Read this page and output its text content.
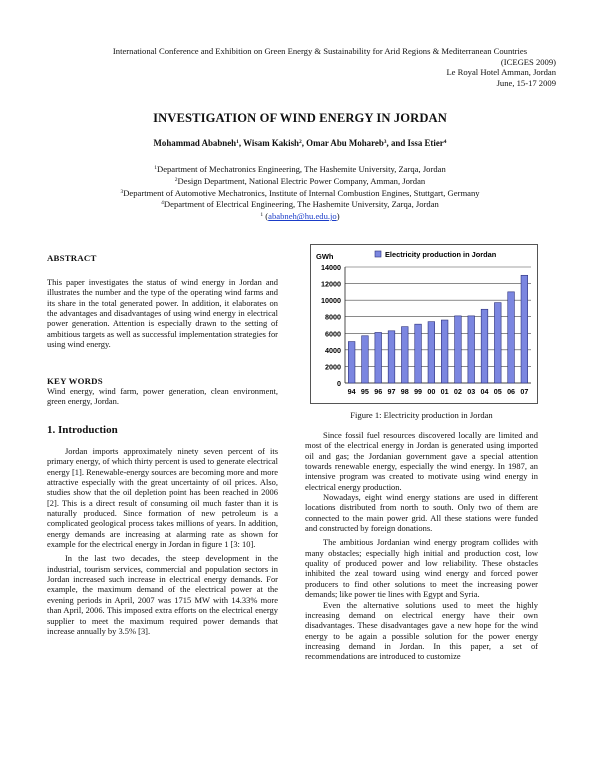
International Conference and Exhibition on Green Energy & Sustainability for Arid Regions & Mediterranean Countries
(ICEGES 2009)
Le Royal Hotel Amman, Jordan
June, 15-17 2009
INVESTIGATION OF WIND ENERGY IN JORDAN
Mohammad Ababneh$^1$, Wisam Kakish$^2$, Omar Abu Mohareb$^3$, and Issa Etier$^4$
$^1$Department of Mechatronics Engineering, The Hashemite University, Zarqa, Jordan
$^2$Design Department, National Electric Power Company, Amman, Jordan
$^3$Department of Automotive Mechatronics, Institute of Internal Combustion Engines, Stuttgart, Germany
$^4$Department of Electrical Engineering, The Hashemite University, Zarqa, Jordan
$^1$ (ababneh@hu.edu.jo)
ABSTRACT

This paper investigates the status of wind energy in Jordan and illustrates the number and the type of the operating wind farms and its share in the total generated power. In addition, it elaborates on the advantages and disadvantages of using wind energy in electrical power generation. Attention is especially drawn to the setting of ambitious targets as well as successful implementation strategies for using wind energy.

KEY WORDS

Wind energy, wind farm, power generation, clean environment, green energy, Jordan.

1. Introduction

Jordan imports approximately ninety seven percent of its primary energy, of which thirty percent is used to generate electrical energy [1]. Renewable-energy sources are becoming more and more attractive especially with the great uncertainty of oil prices. Also, studies show that the oil depletion point has been reached in 2006 [2]. This is a direct result of consuming oil much faster than it is naturally produced. Since formation of new petroleum is a complicated geological process takes millions of years. In addition, energy demands are increasing at alarming rate as shown for example for the electrical energy in Jordan in figure 1 [3: 10].

In the last two decades, the steep development in the industrial, tourism services, commercial and population sectors in Jordan increased such increase in electrical energy demands. For example, the maximum demand of the electrical power at the evening periods in April, 2007 was 1715 MW with 14.33% more than April, 2006. This imposed extra efforts on the electrical energy supplier to meet the maximum required power demands that increase annually by 3.5% [3].

0
2000
4000
6000
8000
10000
12000
14000
GWh	Electricity production in Jordan
94 95 96 97 98 99 00 01 02 03 04 05 06 07
Figure 1: Electricity production in Jordan

Since fossil fuel resources discovered locally are limited and most of the electrical energy in Jordan is generated using imported oil and gas; the Jordanian government gave a special attention towards renewable energy, especially the wind energy. In 1987, an intensive program was created to motivate using wind energy in electrical energy production.

Nowadays, eight wind energy stations are used in different locations distributed from north to south. Only two of them are connected to the main power grid. All these stations were funded and constructed by foreign donations.

The ambitious Jordanian wind energy program collides with many obstacles; especially high initial and production cost, low quality of produced power and low reliability. These obstacles inhibited the zeal toward using wind energy and forced power producers to find other solutions to meet the increasing power demands; like power tie lines with Egypt and Syria.

Even the alternative solutions used to meet the highly increasing demand on electrical energy have their own disadvantages. These disadvantages gave a new hope for the wind energy to be again a possible solution for the power energy increasing demand in Jordan. In this paper, a set of recommendations are introduced to customize
